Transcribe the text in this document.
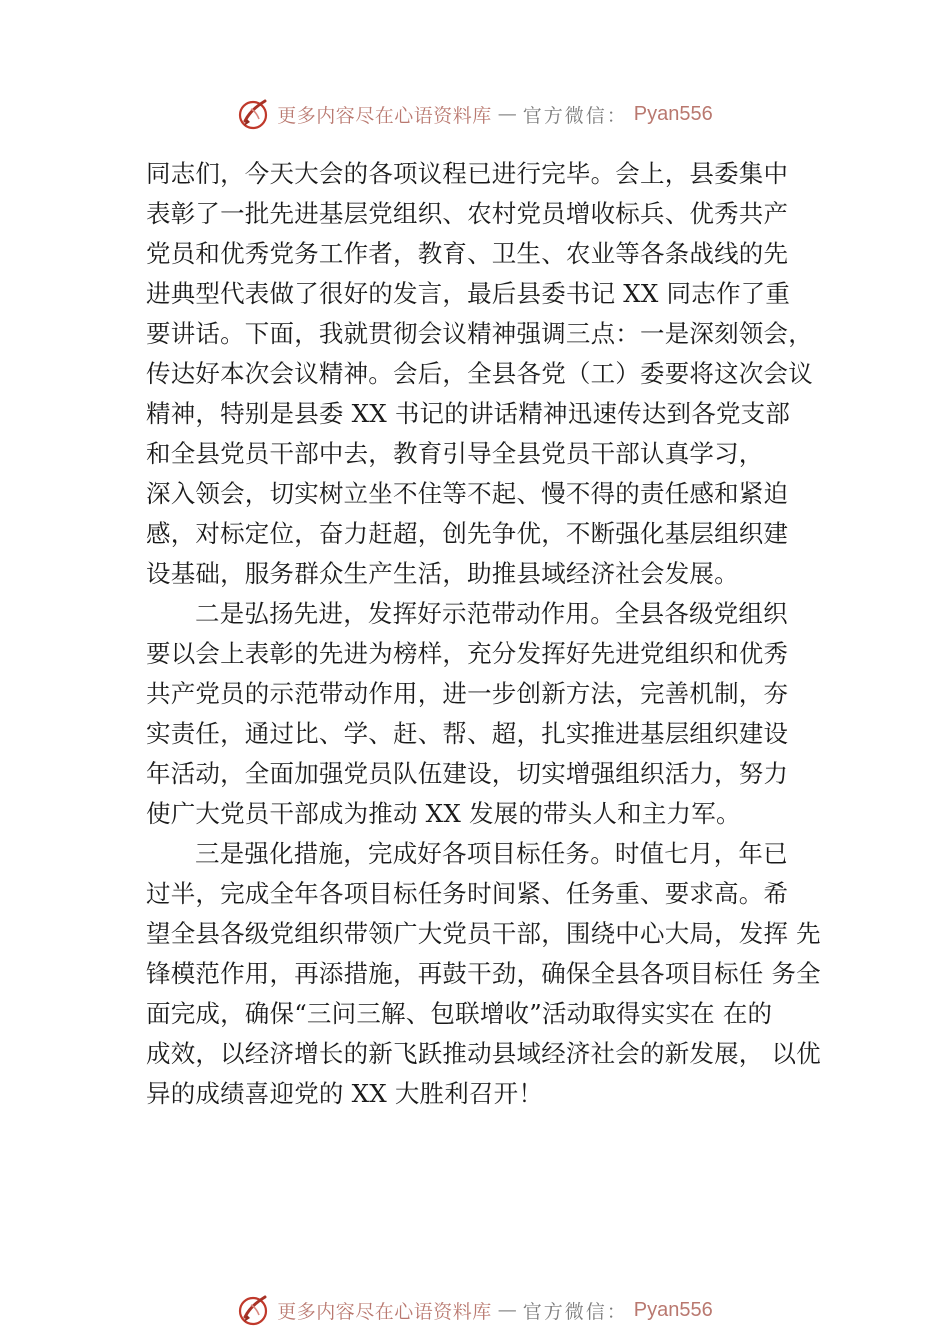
更多内容尽在心语资料库 — 官方微信： Pyan556
同志们，今天大会的各项议程已进行完毕。会上，县委集中
表彰了一批先进基层党组织、农村党员增收标兵、优秀共产
党员和优秀党务工作者，教育、卫生、农业等各条战线的先
进典型代表做了很好的发言，最后县委书记 XX 同志作了重
要讲话。下面，我就贯彻会议精神强调三点：一是深刻领会，
传达好本次会议精神。会后，全县各党（工）委要将这次会议
精神，特别是县委 XX 书记的讲话精神迅速传达到各党支部
和全县党员干部中去，教育引导全县党员干部认真学习，
深入领会，切实树立坐不住等不起、慢不得的责任感和紧迫
感，对标定位，奋力赶超，创先争优，不断强化基层组织建
设基础，服务群众生产生活，助推县域经济社会发展。
二是弘扬先进，发挥好示范带动作用。全县各级党组织
要以会上表彰的先进为榜样，充分发挥好先进党组织和优秀
共产党员的示范带动作用，进一步创新方法，完善机制，夯
实责任，通过比、学、赶、帮、超，扎实推进基层组织建设
年活动，全面加强党员队伍建设，切实增强组织活力，努力
使广大党员干部成为推动 XX 发展的带头人和主力军。
三是强化措施，完成好各项目标任务。时值七月，年已
过半，完成全年各项目标任务时间紧、任务重、要求高。希
望全县各级党组织带领广大党员干部，围绕中心大局，发挥 先
锋模范作用，再添措施，再鼓干劲，确保全县各项目标任 务全
面完成，确保“三问三解、包联增收”活动取得实实在 在的
成效，以经济增长的新飞跃推动县域经济社会的新发展， 以优
异的成绩喜迎党的 XX 大胜利召开！
更多内容尽在心语资料库 — 官方微信： Pyan556
